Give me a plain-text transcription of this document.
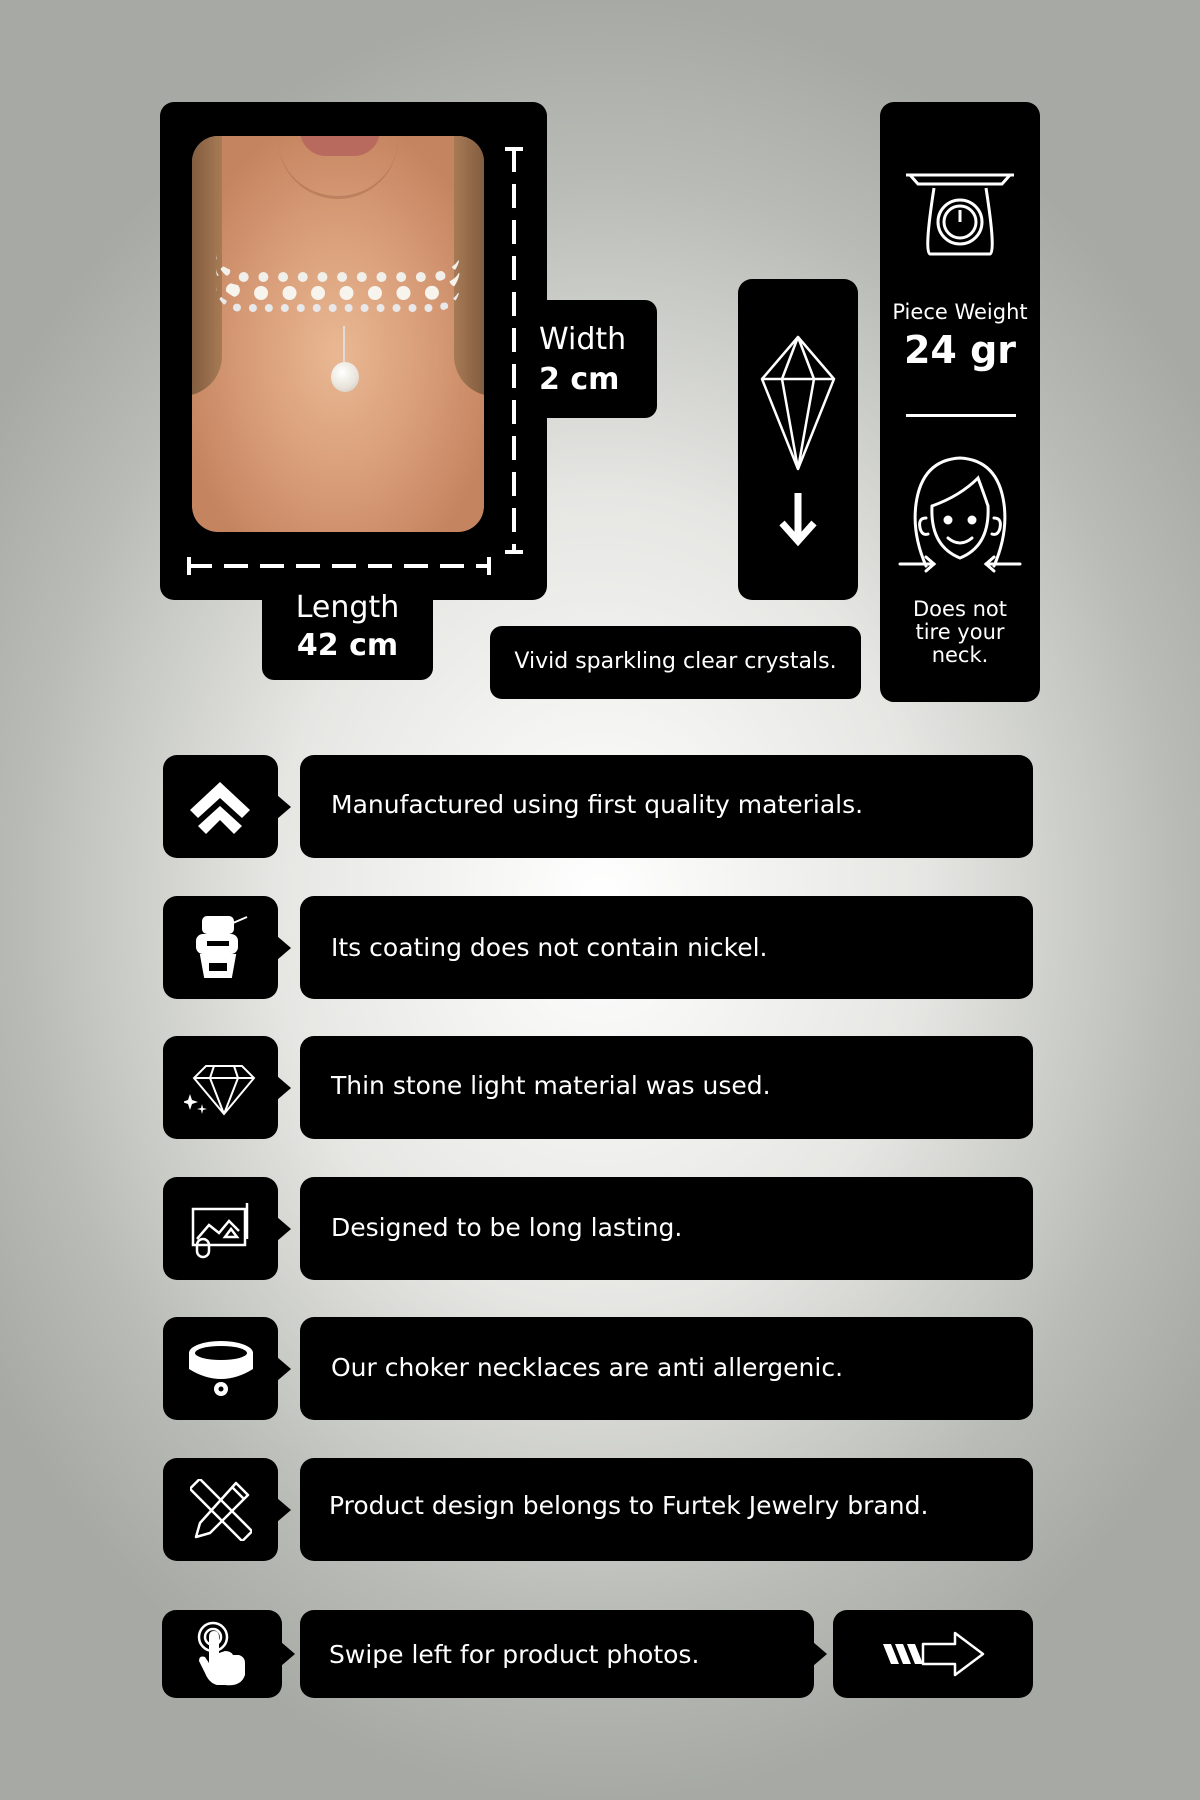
Width
2 cm
Length
42 cm	Vivid sparkling clear crystals.
Piece Weight
24 gr
Does not tire your neck.
Manufactured using first quality materials.
Its coating does not contain nickel.
Thin stone light material was used.
Designed to be long lasting.
Our choker necklaces are anti allergenic.
Product design belongs to Furtek Jewelry brand.
Swipe left for product photos.
